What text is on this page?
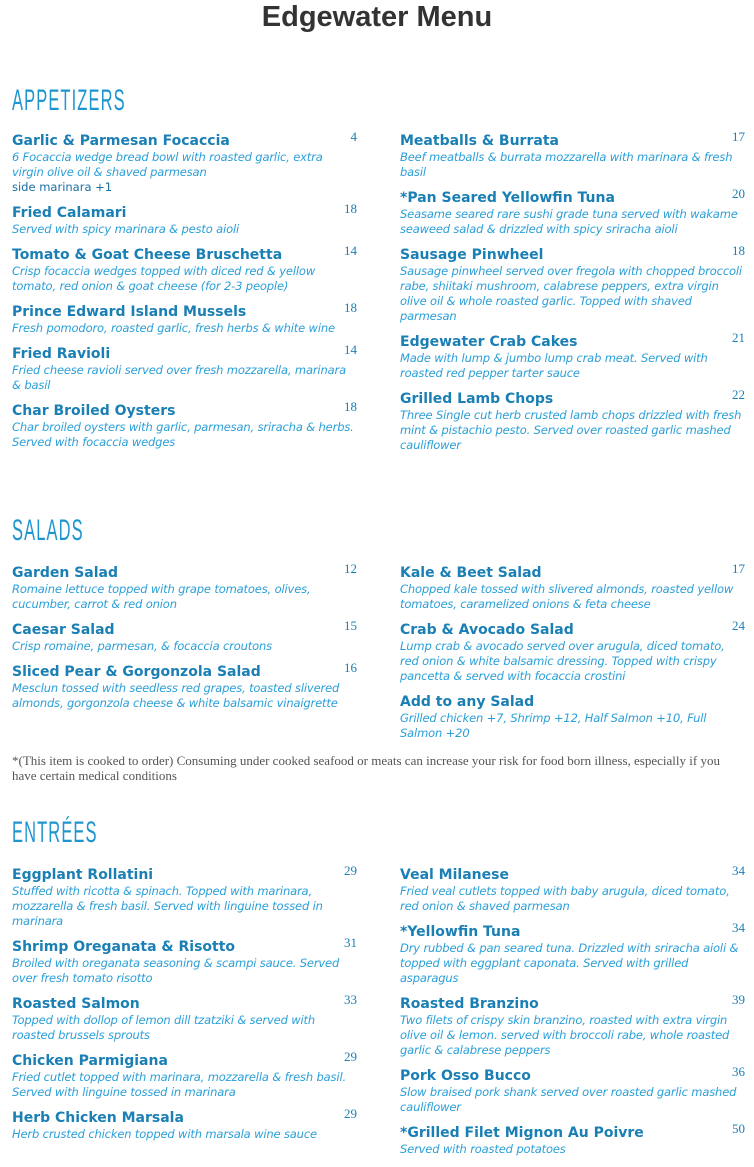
Edgewater Menu
APPETIZERS
Garlic & Parmesan Focaccia	4
6 Focaccia wedge bread bowl with roasted garlic, extra virgin olive oil & shaved parmesan
side marinara +1
Fried Calamari	18
Served with spicy marinara & pesto aioli
Tomato & Goat Cheese Bruschetta	14
Crisp focaccia wedges topped with diced red & yellow tomato, red onion & goat cheese (for 2-3 people)
Prince Edward Island Mussels	18
Fresh pomodoro, roasted garlic, fresh herbs & white wine
Fried Ravioli	14
Fried cheese ravioli served over fresh mozzarella, marinara & basil
Char Broiled Oysters	18
Char broiled oysters with garlic, parmesan, sriracha & herbs. Served with focaccia wedges
Meatballs & Burrata	17
Beef meatballs & burrata mozzarella with marinara & fresh basil
*Pan Seared Yellowfin Tuna	20
Seasame seared rare sushi grade tuna served with wakame seaweed salad & drizzled with spicy sriracha aioli
Sausage Pinwheel	18
Sausage pinwheel served over fregola with chopped broccoli rabe, shiitaki mushroom, calabrese peppers, extra virgin olive oil & whole roasted garlic. Topped with shaved parmesan
Edgewater Crab Cakes	21
Made with lump & jumbo lump crab meat. Served with roasted red pepper tarter sauce
Grilled Lamb Chops	22
Three Single cut herb crusted lamb chops drizzled with fresh mint & pistachio pesto. Served over roasted garlic mashed cauliflower
SALADS
Garden Salad	12
Romaine lettuce topped with grape tomatoes, olives, cucumber, carrot & red onion
Caesar Salad	15
Crisp romaine, parmesan, & focaccia croutons
Sliced Pear & Gorgonzola Salad	16
Mesclun tossed with seedless red grapes, toasted slivered almonds, gorgonzola cheese & white balsamic vinaigrette
Kale & Beet Salad	17
Chopped kale tossed with slivered almonds, roasted yellow tomatoes, caramelized onions & feta cheese
Crab & Avocado Salad	24
Lump crab & avocado served over arugula, diced tomato, red onion & white balsamic dressing. Topped with crispy pancetta & served with focaccia crostini
Add to any Salad
Grilled chicken +7, Shrimp +12, Half Salmon +10, Full Salmon +20
*(This item is cooked to order) Consuming under cooked seafood or meats can increase your risk for food born illness, especially if you have certain medical conditions
ENTRÉES
Eggplant Rollatini	29
Stuffed with ricotta & spinach. Topped with marinara, mozzarella & fresh basil. Served with linguine tossed in marinara
Shrimp Oreganata & Risotto	31
Broiled with oreganata seasoning & scampi sauce. Served over fresh tomato risotto
Roasted Salmon	33
Topped with dollop of lemon dill tzatziki & served with roasted brussels sprouts
Chicken Parmigiana	29
Fried cutlet topped with marinara, mozzarella & fresh basil. Served with linguine tossed in marinara
Herb Chicken Marsala	29
Herb crusted chicken topped with marsala wine sauce
Veal Milanese	34
Fried veal cutlets topped with baby arugula, diced tomato, red onion & shaved parmesan
*Yellowfin Tuna	34
Dry rubbed & pan seared tuna. Drizzled with sriracha aioli & topped with eggplant caponata. Served with grilled asparagus
Roasted Branzino	39
Two filets of crispy skin branzino, roasted with extra virgin olive oil & lemon. served with broccoli rabe, whole roasted garlic & calabrese peppers
Pork Osso Bucco	36
Slow braised pork shank served over roasted garlic mashed cauliflower
*Grilled Filet Mignon Au Poivre	50
Served with roasted potatoes
